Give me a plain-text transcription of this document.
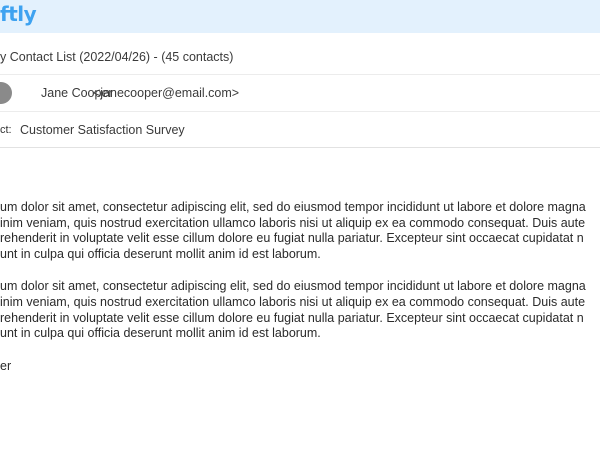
ftly
y Contact List (2022/04/26) - (45 contacts)
Jane Cooper
<janecooper@email.com>
ct: Customer Satisfaction Survey
um dolor sit amet, consectetur adipiscing elit, sed do eiusmod tempor incididunt ut labore et dolore magna
inim veniam, quis nostrud exercitation ullamco laboris nisi ut aliquip ex ea commodo consequat. Duis aute
rehenderit in voluptate velit esse cillum dolore eu fugiat nulla pariatur. Excepteur sint occaecat cupidatat n
unt in culpa qui officia deserunt mollit anim id est laborum.
um dolor sit amet, consectetur adipiscing elit, sed do eiusmod tempor incididunt ut labore et dolore magna
inim veniam, quis nostrud exercitation ullamco laboris nisi ut aliquip ex ea commodo consequat. Duis aute
rehenderit in voluptate velit esse cillum dolore eu fugiat nulla pariatur. Excepteur sint occaecat cupidatat n
unt in culpa qui officia deserunt mollit anim id est laborum.
er
